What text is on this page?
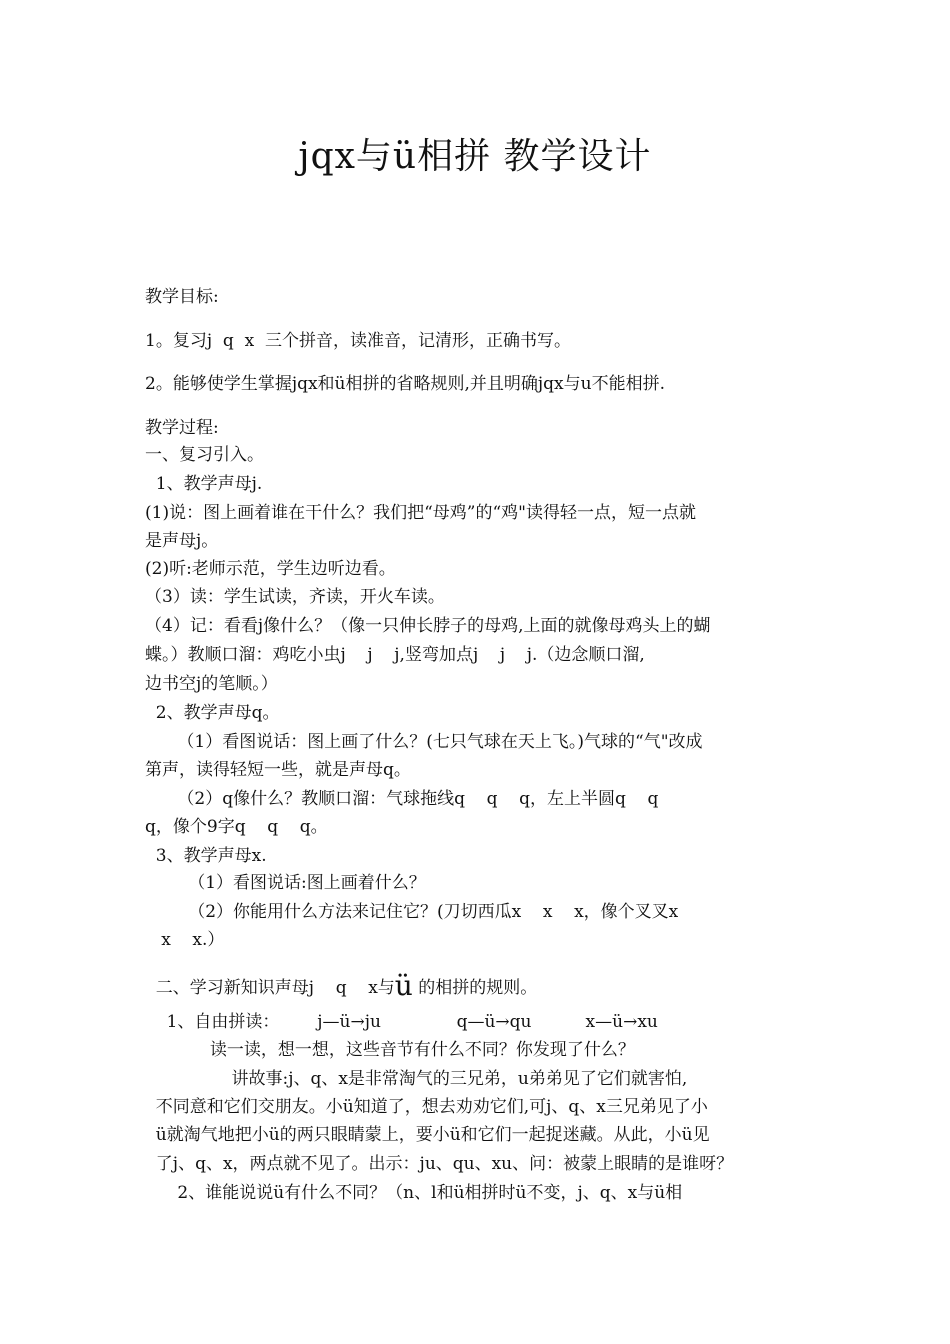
jqx与ü相拼 教学设计

教学目标:

1。复习j  q  x  三个拼音，读准音，记清形，正确书写。

2。能够使学生掌握jqx和ü相拼的省略规则,并且明确jqx与u不能相拼.

教学过程:

一、复习引入。

1、教学声母j.

(1)说：图上画着谁在干什么？我们把“母鸡”的“鸡"读得轻一点，短一点就

是声母j。

(2)听:老师示范，学生边听边看。

（3）读：学生试读，齐读，开火车读。

（4）记：看看j像什么？（像一只伸长脖子的母鸡,上面的就像母鸡头上的蝴

蝶。）教顺口溜：鸡吃小虫j    j    j,竖弯加点j    j    j.（边念顺口溜,

边书空j的笔顺。）

2、教学声母q。

（1）看图说话：图上画了什么？(七只气球在天上飞。)气球的“气"改成

第声，读得轻短一些，就是声母q。

（2）q像什么？教顺口溜：气球拖线q    q    q，左上半圆q    q

q，像个9字q    q    q。

3、教学声母x.

（1）看图说话:图上画着什么？

（2）你能用什么方法来记住它？(刀切西瓜x    x    x，像个叉叉x

x    x.）

二、学习新知识声母j    q    x与ü 的相拼的规则。

1、自由拼读：       j—ü→ju              q—ü→qu          x—ü→xu

读一读，想一想，这些音节有什么不同？你发现了什么？

讲故事:j、q、x是非常淘气的三兄弟，u弟弟见了它们就害怕,

不同意和它们交朋友。小ü知道了，想去劝劝它们,可j、q、x三兄弟见了小

ü就淘气地把小ü的两只眼睛蒙上，要小ü和它们一起捉迷藏。从此，小ü见

了j、q、x，两点就不见了。出示：ju、qu、xu、问：被蒙上眼睛的是谁呀？

2、谁能说说ü有什么不同？（n、l和ü相拼时ü不变，j、q、x与ü相
